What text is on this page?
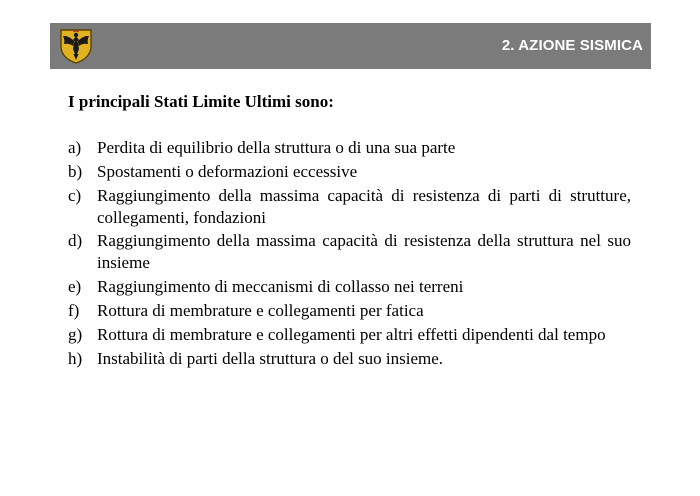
2. AZIONE SISMICA
I principali Stati Limite Ultimi sono:
a) Perdita di equilibrio della struttura o di una sua parte
b) Spostamenti o deformazioni eccessive
c) Raggiungimento della massima capacità di resistenza di parti di strutture, collegamenti, fondazioni
d) Raggiungimento della massima capacità di resistenza della struttura nel suo insieme
e) Raggiungimento di meccanismi di collasso nei terreni
f) Rottura di membrature e collegamenti per fatica
g) Rottura di membrature e collegamenti per altri effetti dipendenti dal tempo
h) Instabilità di parti della struttura o del suo insieme.
